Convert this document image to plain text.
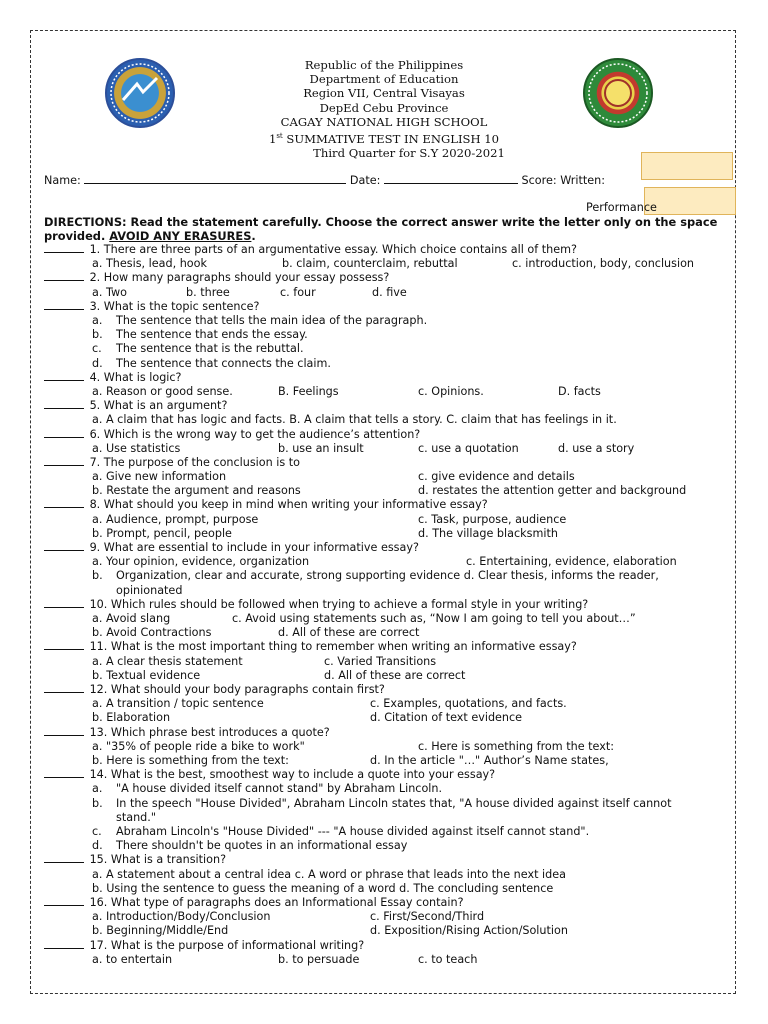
Republic of the Philippines
Department of Education
Region VII, Central Visayas
DepEd Cebu Province
CAGAY NATIONAL HIGH SCHOOL
1st SUMMATIVE TEST IN ENGLISH 10
Third Quarter for S.Y 2020-2021
Name:	Date:	Score: Written:
Performance
DIRECTIONS: Read the statement carefully. Choose the correct answer write the letter only on the space provided. AVOID ANY ERASURES.
1. There are three parts of an argumentative essay. Which choice contains all of them?
a. Thesis, lead, hook	b. claim, counterclaim, rebuttal	c. introduction, body, conclusion
2. How many paragraphs should your essay possess?
a. Two	b. three	c. four	d. five
3. What is the topic sentence?
a. The sentence that tells the main idea of the paragraph.
b. The sentence that ends the essay.
c. The sentence that is the rebuttal.
d. The sentence that connects the claim.
4. What is logic?
a. Reason or good sense.	B. Feelings	c. Opinions.	D. facts
5. What is an argument?
a. A claim that has logic and facts. B. A claim that tells a story. C. claim that has feelings in it.
6. Which is the wrong way to get the audience’s attention?
a. Use statistics	b. use an insult	c. use a quotation	d. use a story
7. The purpose of the conclusion is to
a. Give new information	c. give evidence and details
b. Restate the argument and reasons	d. restates the attention getter and background
8. What should you keep in mind when writing your informative essay?
a. Audience, prompt, purpose	c. Task, purpose, audience
b. Prompt, pencil, people	d. The village blacksmith
9. What are essential to include in your informative essay?
a. Your opinion, evidence, organization	c. Entertaining, evidence, elaboration
b. Organization, clear and accurate, strong supporting evidence d. Clear thesis, informs the reader, opinionated
10. Which rules should be followed when trying to achieve a formal style in your writing?
a. Avoid slang	c. Avoid using statements such as, “Now I am going to tell you about…”
b. Avoid Contractions	d. All of these are correct
11. What is the most important thing to remember when writing an informative essay?
a. A clear thesis statement	c. Varied Transitions
b. Textual evidence	d. All of these are correct
12. What should your body paragraphs contain first?
a. A transition / topic sentence	c. Examples, quotations, and facts.
b. Elaboration	d. Citation of text evidence
13. Which phrase best introduces a quote?
a. "35% of people ride a bike to work"	c. Here is something from the text:
b. Here is something from the text:	d. In the article "…" Author’s Name states,
14. What is the best, smoothest way to include a quote into your essay?
a. "A house divided itself cannot stand" by Abraham Lincoln.
b. In the speech "House Divided", Abraham Lincoln states that, "A house divided against itself cannot stand."
c. Abraham Lincoln's "House Divided" --- "A house divided against itself cannot stand".
d. There shouldn't be quotes in an informational essay
15. What is a transition?
a. A statement about a central idea c. A word or phrase that leads into the next idea
b. Using the sentence to guess the meaning of a word d. The concluding sentence
16. What type of paragraphs does an Informational Essay contain?
a. Introduction/Body/Conclusion	c. First/Second/Third
b. Beginning/Middle/End	d. Exposition/Rising Action/Solution
17. What is the purpose of informational writing?
a. to entertain	b. to persuade	c. to teach
